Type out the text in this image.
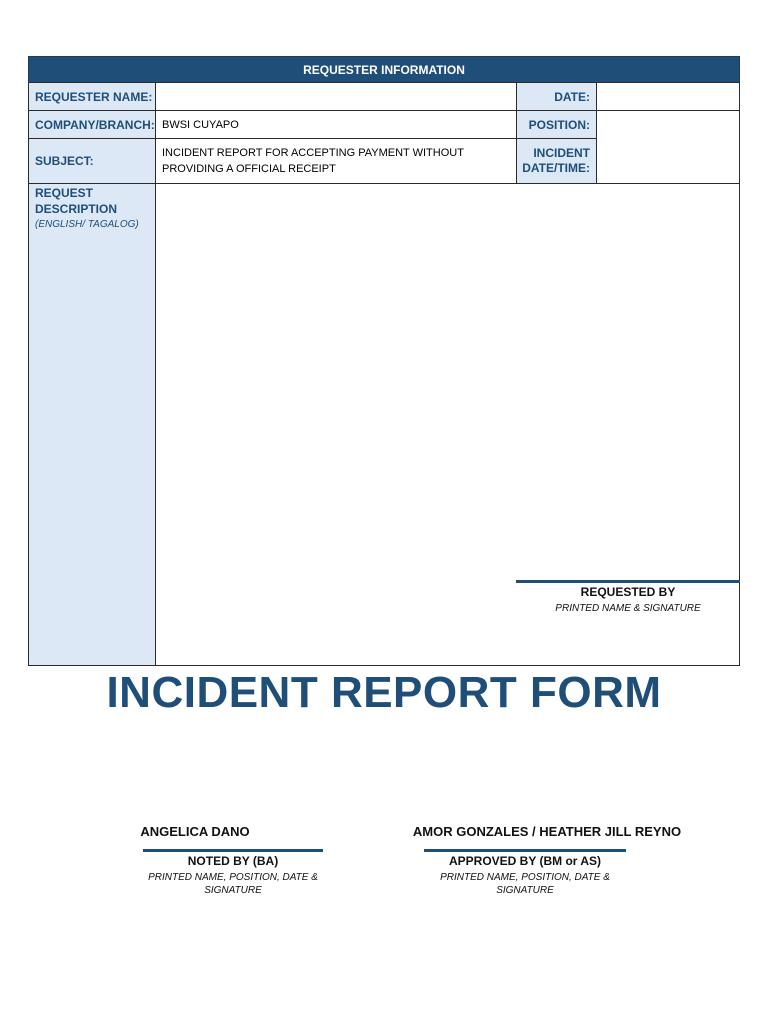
REQUESTER INFORMATION
REQUESTER NAME:	DATE:
COMPANY/BRANCH: BWSI CUYAPO	POSITION:
SUBJECT:
INCIDENT REPORT FOR ACCEPTING PAYMENT WITHOUT PROVIDING A OFFICIAL RECEIPT
INCIDENT
DATE/TIME:
REQUEST
DESCRIPTION
(ENGLISH/ TAGALOG)
REQUESTED BY
PRINTED NAME & SIGNATURE
INCIDENT REPORT FORM
ANGELICA DANO
NOTED BY (BA)
PRINTED NAME, POSITION, DATE &
SIGNATURE
AMOR GONZALES / HEATHER JILL REYNO
APPROVED BY (BM or AS)
PRINTED NAME, POSITION, DATE &
SIGNATURE
